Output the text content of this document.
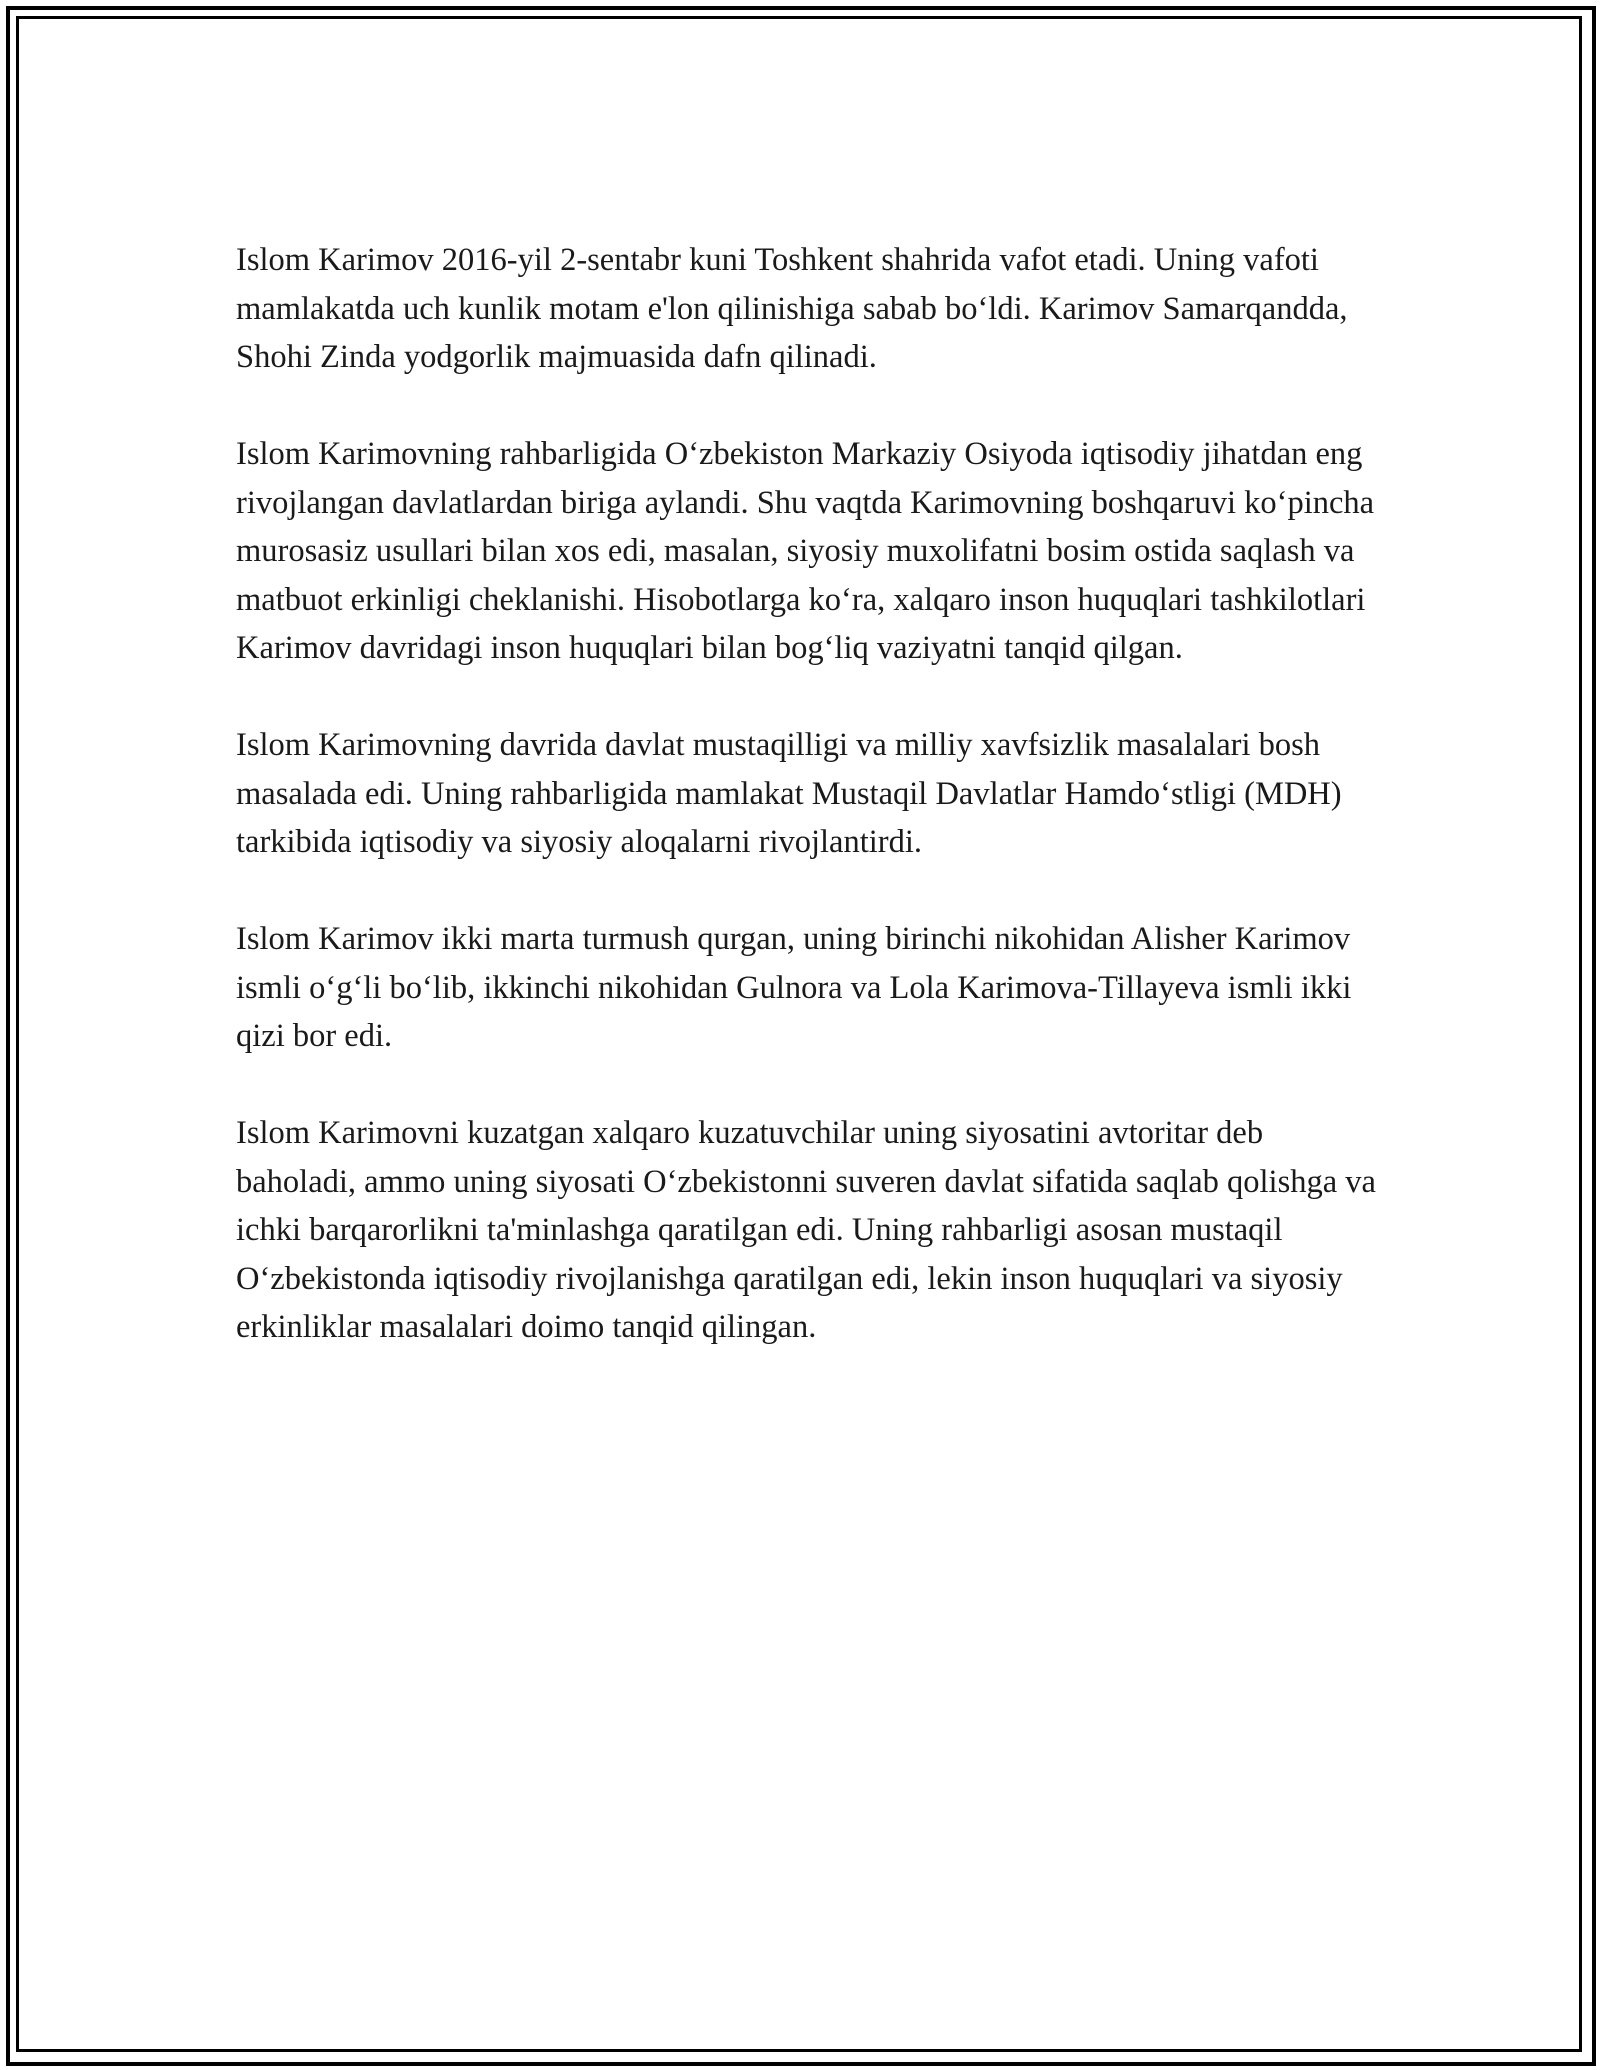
Islom Karimov 2016-yil 2-sentabr kuni Toshkent shahrida vafot etadi. Uning vafoti mamlakatda uch kunlik motam e'lon qilinishiga sabab bo‘ldi. Karimov Samarqandda, Shohi Zinda yodgorlik majmuasida dafn qilinadi.

Islom Karimovning rahbarligida O‘zbekiston Markaziy Osiyoda iqtisodiy jihatdan eng rivojlangan davlatlardan biriga aylandi. Shu vaqtda Karimovning boshqaruvi ko‘pincha murosasiz usullari bilan xos edi, masalan, siyosiy muxolifatni bosim ostida saqlash va matbuot erkinligi cheklanishi. Hisobotlarga ko‘ra, xalqaro inson huquqlari tashkilotlari Karimov davridagi inson huquqlari bilan bog‘liq vaziyatni tanqid qilgan.

Islom Karimovning davrida davlat mustaqilligi va milliy xavfsizlik masalalari bosh masalada edi. Uning rahbarligida mamlakat Mustaqil Davlatlar Hamdo‘stligi (MDH) tarkibida iqtisodiy va siyosiy aloqalarni rivojlantirdi.

Islom Karimov ikki marta turmush qurgan, uning birinchi nikohidan Alisher Karimov ismli o‘g‘li bo‘lib, ikkinchi nikohidan Gulnora va Lola Karimova-Tillayeva ismli ikki qizi bor edi.

Islom Karimovni kuzatgan xalqaro kuzatuvchilar uning siyosatini avtoritar deb baholadi, ammo uning siyosati O‘zbekistonni suveren davlat sifatida saqlab qolishga va ichki barqarorlikni ta'minlashga qaratilgan edi. Uning rahbarligi asosan mustaqil O‘zbekistonda iqtisodiy rivojlanishga qaratilgan edi, lekin inson huquqlari va siyosiy erkinliklar masalalari doimo tanqid qilingan.
